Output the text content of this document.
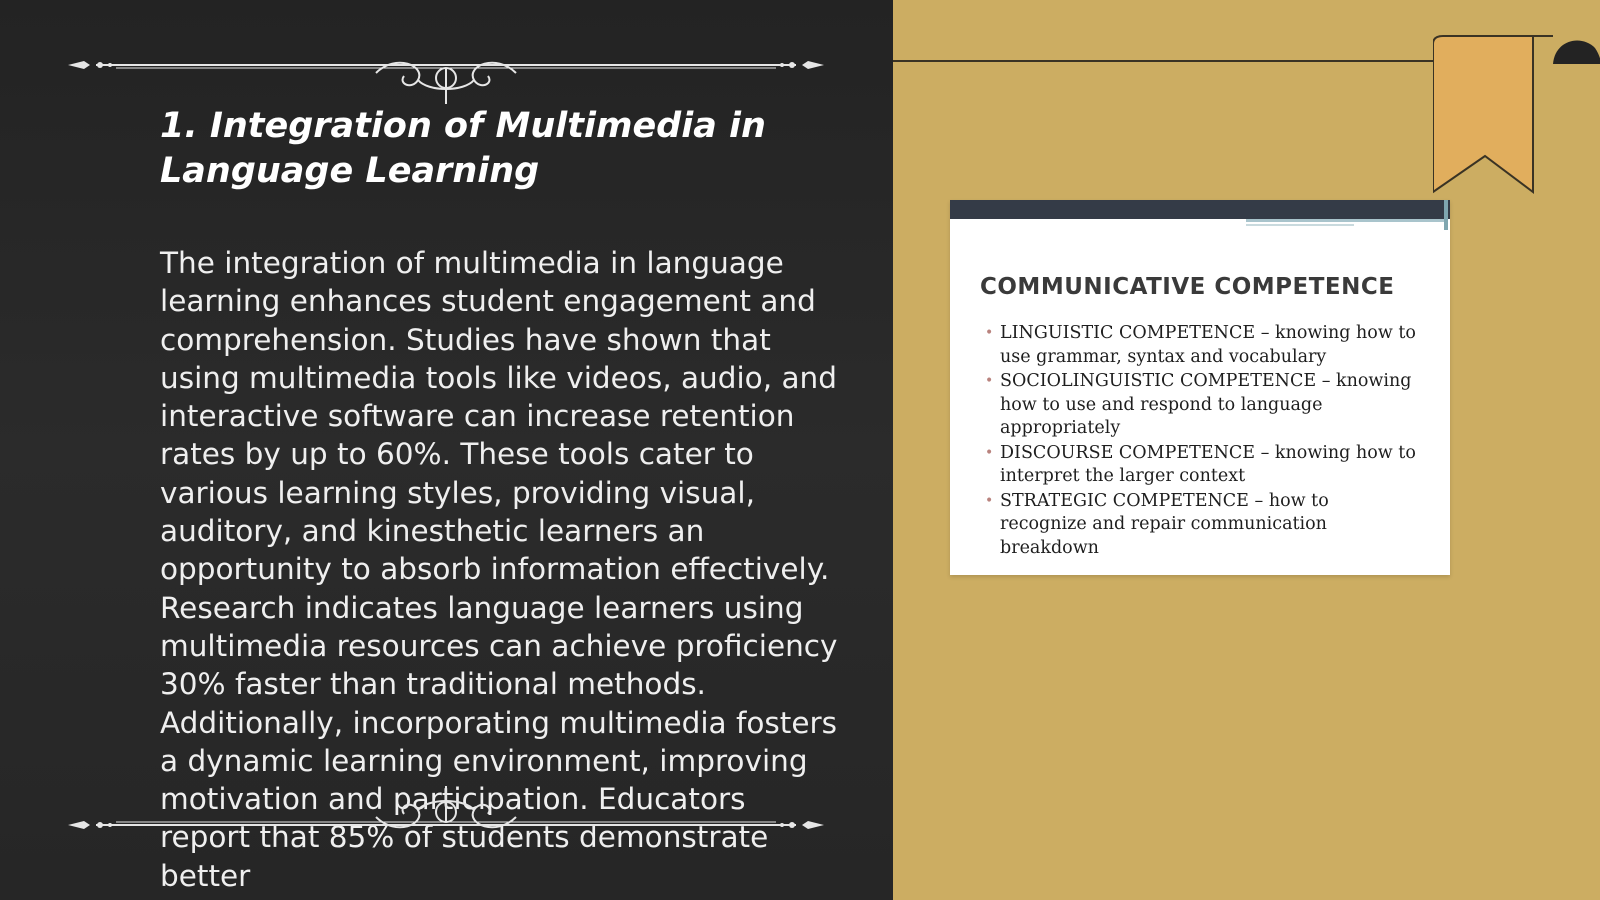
1. Integration of Multimedia in
Language Learning

The integration of multimedia in language learning enhances student engagement and comprehension. Studies have shown that using multimedia tools like videos, audio, and interactive software can increase retention rates by up to 60%. These tools cater to various learning styles, providing visual, auditory, and kinesthetic learners an opportunity to absorb information effectively. Research indicates language learners using multimedia resources can achieve proficiency 30% faster than traditional methods. Additionally, incorporating multimedia fosters a dynamic learning environment, improving motivation and participation. Educators report that 85% of students demonstrate better

COMMUNICATIVE COMPETENCE
• LINGUISTIC COMPETENCE – knowing how to use grammar, syntax and vocabulary
• SOCIOLINGUISTIC COMPETENCE – knowing how to use and respond to language appropriately
• DISCOURSE COMPETENCE – knowing how to interpret the larger context
• STRATEGIC COMPETENCE – how to recognize and repair communication breakdown
